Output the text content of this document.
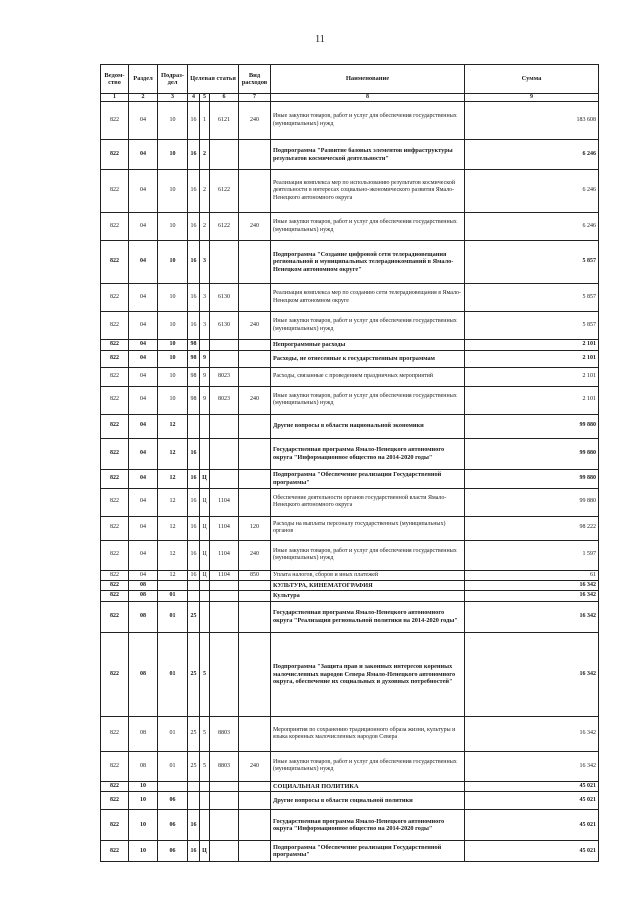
11
Ведом-ство	Раздел	Подраз-дел	Целевая статья			Вид расходов	Наименование	Сумма
1	2	3	4	5	6	7	8	9
822	04	10	16	1	6121	240	Иные закупки товаров, работ и услуг для обеспечения государственных (муниципальных) нужд	183 608
822	04	10	16	2			Подпрограмма "Развитие базовых элементов инфраструктуры результатов космической деятельности"	6 246
822	04	10	16	2	6122		Реализация комплекса мер по использованию результатов космической деятельности в интересах социально-экономического развития Ямало-Ненецкого автономного округа	6 246
822	04	10	16	2	6122	240	Иные закупки товаров, работ и услуг для обеспечения государственных (муниципальных) нужд	6 246
822	04	10	16	3			Подпрограмма "Создание цифровой сети телерадиовещания региональной и муниципальных телерадиокомпаний в Ямало-Ненецком автономном округе"	5 857
822	04	10	16	3	6130		Реализация комплекса мер по созданию сети телерадиовещания в Ямало-Ненецком автономном округе	5 857
822	04	10	16	3	6130	240	Иные закупки товаров, работ и услуг для обеспечения государственных (муниципальных) нужд	5 857
822	04	10	98				Непрограммные расходы	2 101
822	04	10	98	9			Расходы, не отнесенные к государственным программам	2 101
822	04	10	98	9	8023		Расходы, связанные с проведением праздничных мероприятий	2 101
822	04	10	98	9	8023	240	Иные закупки товаров, работ и услуг для обеспечения государственных (муниципальных) нужд	2 101
822	04	12					Другие вопросы в области национальной экономики	99 880
822	04	12	16				Государственная программа Ямало-Ненецкого автономного округа "Информационное общество на 2014-2020 годы"	99 880
822	04	12	16	Ц			Подпрограмма "Обеспечение реализации Государственной программы"	99 880
822	04	12	16	Ц	1104		Обеспечение деятельности органов государственной власти Ямало-Ненецкого автономного округа	99 880
822	04	12	16	Ц	1104	120	Расходы на выплаты персоналу государственных (муниципальных) органов	98 222
822	04	12	16	Ц	1104	240	Иные закупки товаров, работ и услуг для обеспечения государственных (муниципальных) нужд	1 597
822	04	12	16	Ц	1104	850	Уплата налогов, сборов и иных платежей	61
822	08						КУЛЬТУРА, КИНЕМАТОГРАФИЯ	16 342
822	08	01					Культура	16 342
822	08	01	25				Государственная программа Ямало-Ненецкого автономного округа "Реализация региональной политики на 2014-2020 годы"	16 342
822	08	01	25	5			Подпрограмма "Защита прав и законных интересов коренных малочисленных народов Севера Ямало-Ненецкого автономного округа, обеспечение их социальных и духовных потребностей"	16 342
822	08	01	25	5	8803		Мероприятия по сохранению традиционного образа жизни, культуры и языка коренных малочисленных народов Севера	16 342
822	08	01	25	5	8803	240	Иные закупки товаров, работ и услуг для обеспечения государственных (муниципальных) нужд	16 342
822	10						СОЦИАЛЬНАЯ ПОЛИТИКА	45 021
822	10	06					Другие вопросы в области социальной политики	45 021
822	10	06	16				Государственная программа Ямало-Ненецкого автономного округа "Информационное общество на 2014-2020 годы"	45 021
822	10	06	16	Ц			Подпрограмма "Обеспечение реализации Государственной программы"	45 021
